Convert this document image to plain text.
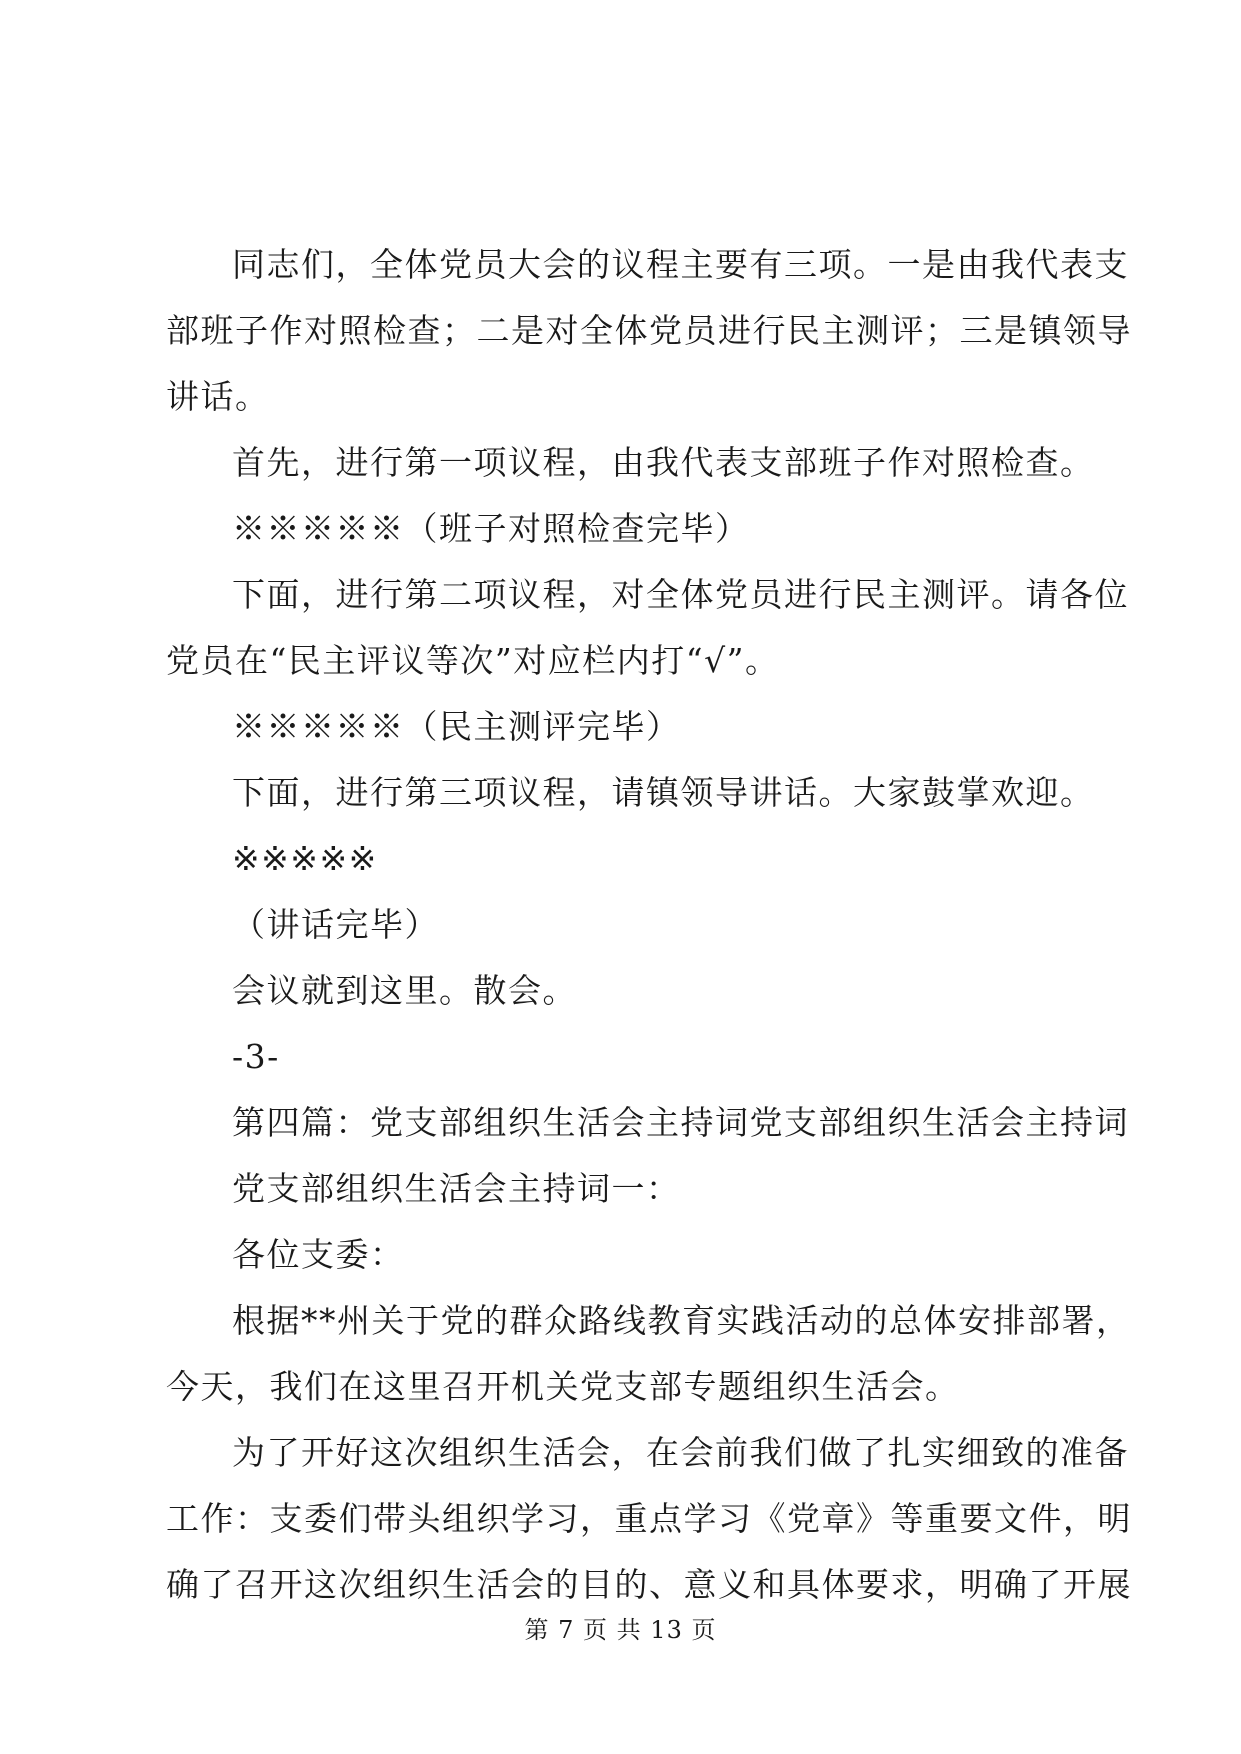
同志们，全体党员大会的议程主要有三项。一是由我代表支
部班子作对照检查；二是对全体党员进行民主测评；三是镇领导
讲话。
首先，进行第一项议程，由我代表支部班子作对照检查。
※※※※※（班子对照检查完毕）
下面，进行第二项议程，对全体党员进行民主测评。请各位
党员在“民主评议等次”对应栏内打“√”。
※※※※※（民主测评完毕）
下面，进行第三项议程，请镇领导讲话。大家鼓掌欢迎。
※※※※※
（讲话完毕）
会议就到这里。散会。
-3-
第四篇：党支部组织生活会主持词党支部组织生活会主持词
党支部组织生活会主持词一：
各位支委：
根据**州关于党的群众路线教育实践活动的总体安排部署，
今天，我们在这里召开机关党支部专题组织生活会。
为了开好这次组织生活会，在会前我们做了扎实细致的准备
工作：支委们带头组织学习，重点学习《党章》等重要文件，明
确了召开这次组织生活会的目的、意义和具体要求，明确了开展
第 7 页 共 13 页
